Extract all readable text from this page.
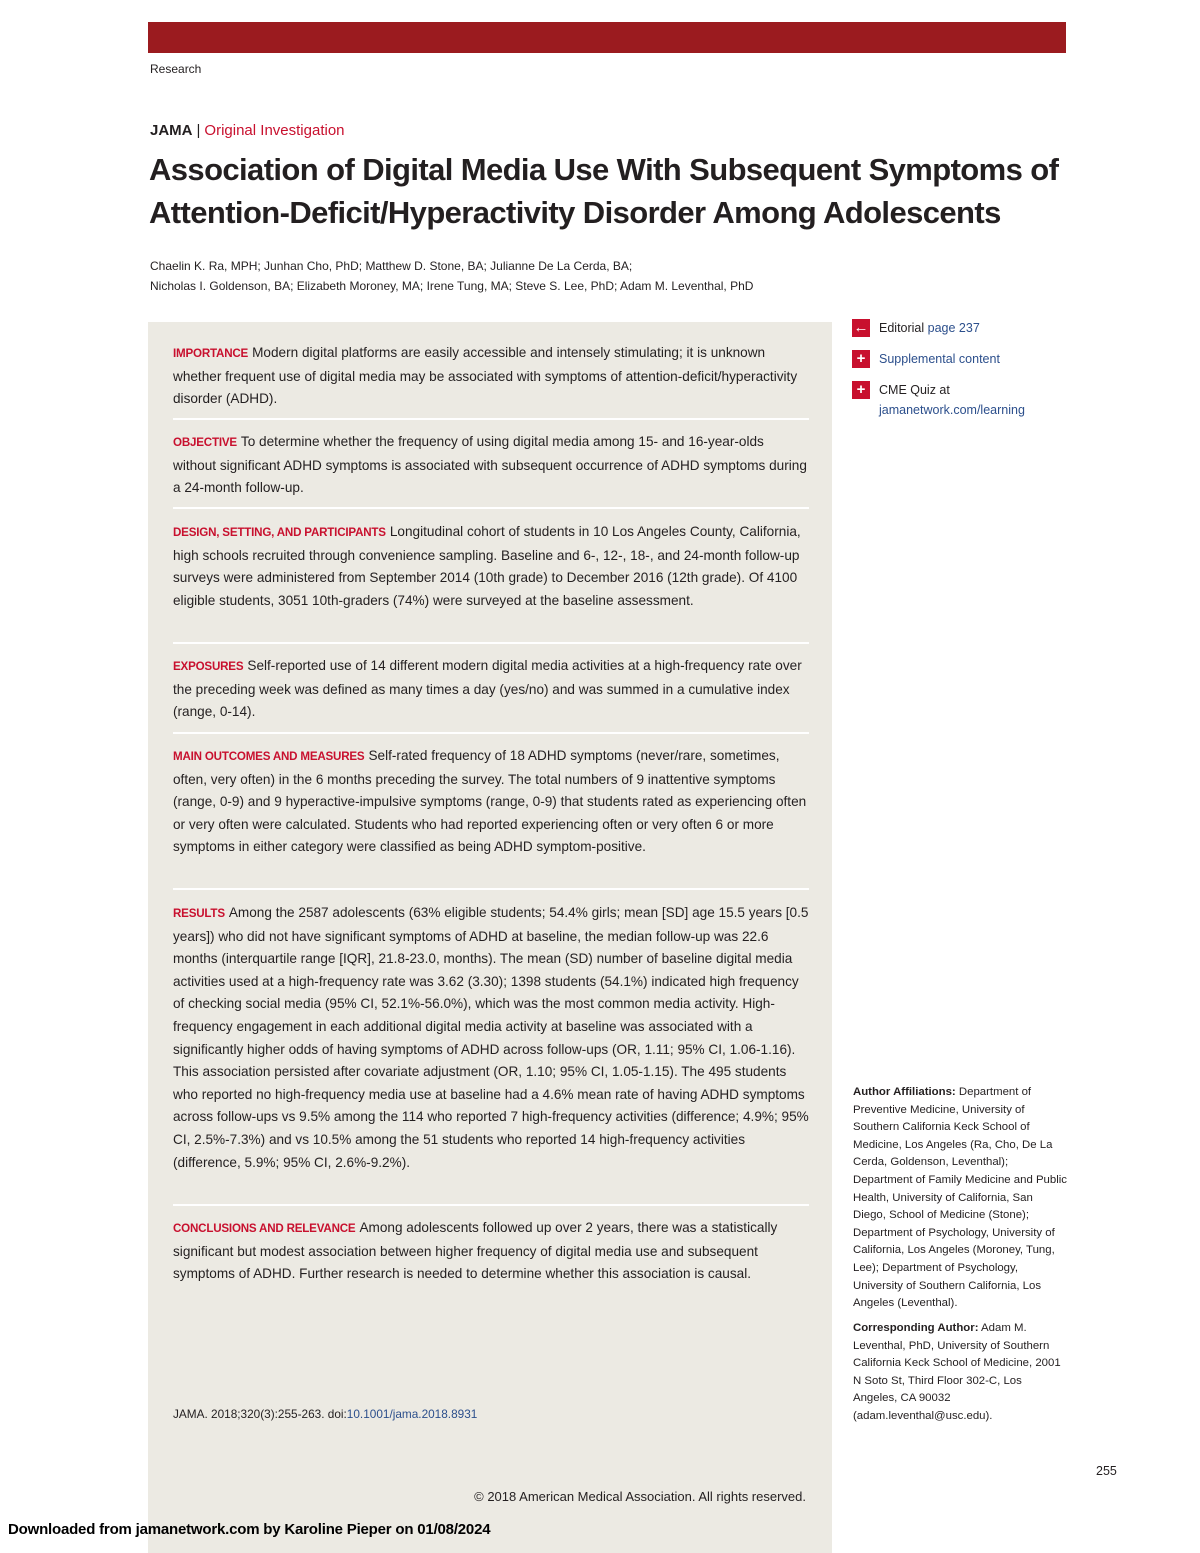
Research
JAMA | Original Investigation
Association of Digital Media Use With Subsequent Symptoms of Attention-Deficit/Hyperactivity Disorder Among Adolescents
Chaelin K. Ra, MPH; Junhan Cho, PhD; Matthew D. Stone, BA; Julianne De La Cerda, BA;
Nicholas I. Goldenson, BA; Elizabeth Moroney, MA; Irene Tung, MA; Steve S. Lee, PhD; Adam M. Leventhal, PhD
IMPORTANCE Modern digital platforms are easily accessible and intensely stimulating; it is unknown whether frequent use of digital media may be associated with symptoms of attention-deficit/hyperactivity disorder (ADHD).
OBJECTIVE To determine whether the frequency of using digital media among 15- and 16-year-olds without significant ADHD symptoms is associated with subsequent occurrence of ADHD symptoms during a 24-month follow-up.
DESIGN, SETTING, AND PARTICIPANTS Longitudinal cohort of students in 10 Los Angeles County, California, high schools recruited through convenience sampling. Baseline and 6-, 12-, 18-, and 24-month follow-up surveys were administered from September 2014 (10th grade) to December 2016 (12th grade). Of 4100 eligible students, 3051 10th-graders (74%) were surveyed at the baseline assessment.
EXPOSURES Self-reported use of 14 different modern digital media activities at a high-frequency rate over the preceding week was defined as many times a day (yes/no) and was summed in a cumulative index (range, 0-14).
MAIN OUTCOMES AND MEASURES Self-rated frequency of 18 ADHD symptoms (never/rare, sometimes, often, very often) in the 6 months preceding the survey. The total numbers of 9 inattentive symptoms (range, 0-9) and 9 hyperactive-impulsive symptoms (range, 0-9) that students rated as experiencing often or very often were calculated. Students who had reported experiencing often or very often 6 or more symptoms in either category were classified as being ADHD symptom-positive.
RESULTS Among the 2587 adolescents (63% eligible students; 54.4% girls; mean [SD] age 15.5 years [0.5 years]) who did not have significant symptoms of ADHD at baseline, the median follow-up was 22.6 months (interquartile range [IQR], 21.8-23.0, months). The mean (SD) number of baseline digital media activities used at a high-frequency rate was 3.62 (3.30); 1398 students (54.1%) indicated high frequency of checking social media (95% CI, 52.1%-56.0%), which was the most common media activity. High-frequency engagement in each additional digital media activity at baseline was associated with a significantly higher odds of having symptoms of ADHD across follow-ups (OR, 1.11; 95% CI, 1.06-1.16). This association persisted after covariate adjustment (OR, 1.10; 95% CI, 1.05-1.15). The 495 students who reported no high-frequency media use at baseline had a 4.6% mean rate of having ADHD symptoms across follow-ups vs 9.5% among the 114 who reported 7 high-frequency activities (difference; 4.9%; 95% CI, 2.5%-7.3%) and vs 10.5% among the 51 students who reported 14 high-frequency activities (difference, 5.9%; 95% CI, 2.6%-9.2%).
CONCLUSIONS AND RELEVANCE Among adolescents followed up over 2 years, there was a statistically significant but modest association between higher frequency of digital media use and subsequent symptoms of ADHD. Further research is needed to determine whether this association is causal.
JAMA. 2018;320(3):255-263. doi:10.1001/jama.2018.8931
© 2018 American Medical Association. All rights reserved.
← Editorial page 237
+	Supplemental content
+	CME Quiz at
jamanetwork.com/learning
Author Affiliations: Department of Preventive Medicine, University of Southern California Keck School of Medicine, Los Angeles (Ra, Cho, De La Cerda, Goldenson, Leventhal); Department of Family Medicine and Public Health, University of California, San Diego, School of Medicine (Stone); Department of Psychology, University of California, Los Angeles (Moroney, Tung, Lee); Department of Psychology, University of Southern California, Los Angeles (Leventhal).
Corresponding Author: Adam M. Leventhal, PhD, University of Southern California Keck School of Medicine, 2001 N Soto St, Third Floor 302-C, Los Angeles, CA 90032 (adam.leventhal@usc.edu).
255
Downloaded from jamanetwork.com by Karoline Pieper on 01/08/2024
